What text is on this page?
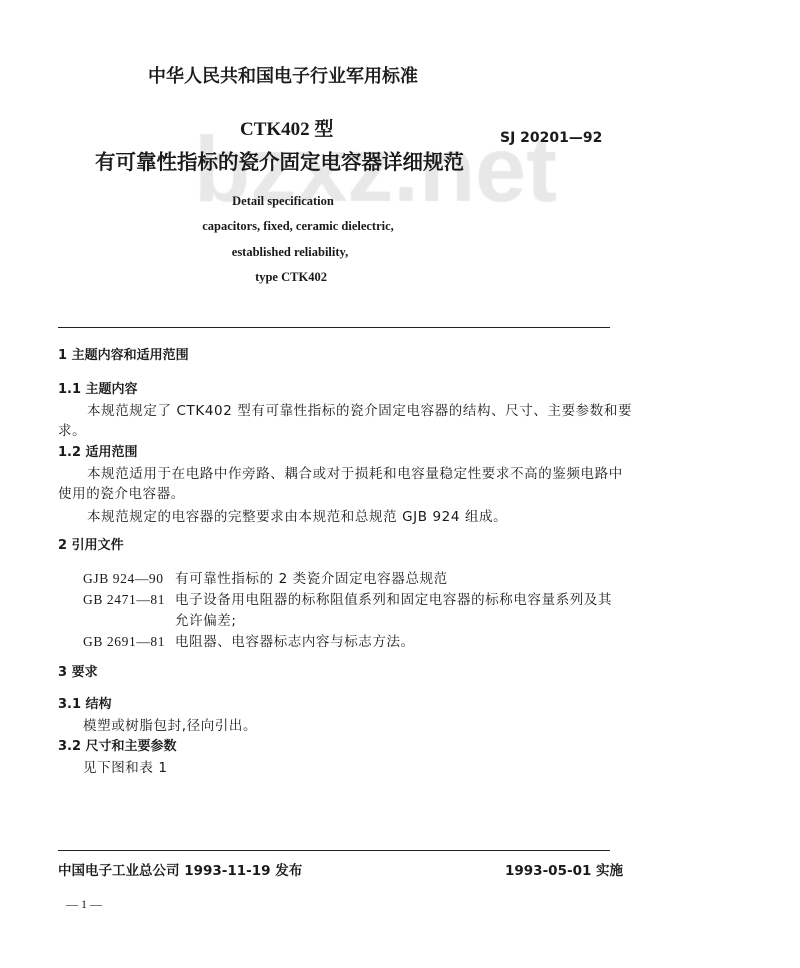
中华人民共和国电子行业军用标准
CTK402 型	SJ 20201—92
有可靠性指标的瓷介固定电容器详细规范
Detail specification
capacitors, fixed, ceramic dielectric,
established reliability,
type CTK402
1 主题内容和适用范围
1.1 主题内容
本规范规定了 CTK402 型有可靠性指标的瓷介固定电容器的结构、尺寸、主要参数和要
求。
1.2 适用范围
本规范适用于在电路中作旁路、耦合或对于损耗和电容量稳定性要求不高的鉴频电路中
使用的瓷介电容器。
本规范规定的电容器的完整要求由本规范和总规范 GJB 924 组成。
2 引用文件
GJB 924—90 有可靠性指标的 2 类瓷介固定电容器总规范
GB 2471—81 电子设备用电阻器的标称阻值系列和固定电容器的标称电容量系列及其
允许偏差;
GB 2691—81 电阻器、电容器标志内容与标志方法。
3 要求
3.1 结构
模塑或树脂包封,径向引出。
3.2 尺寸和主要参数
见下图和表 1
中国电子工业总公司 1993-11-19 发布	1993-05-01 实施
— 1 —
